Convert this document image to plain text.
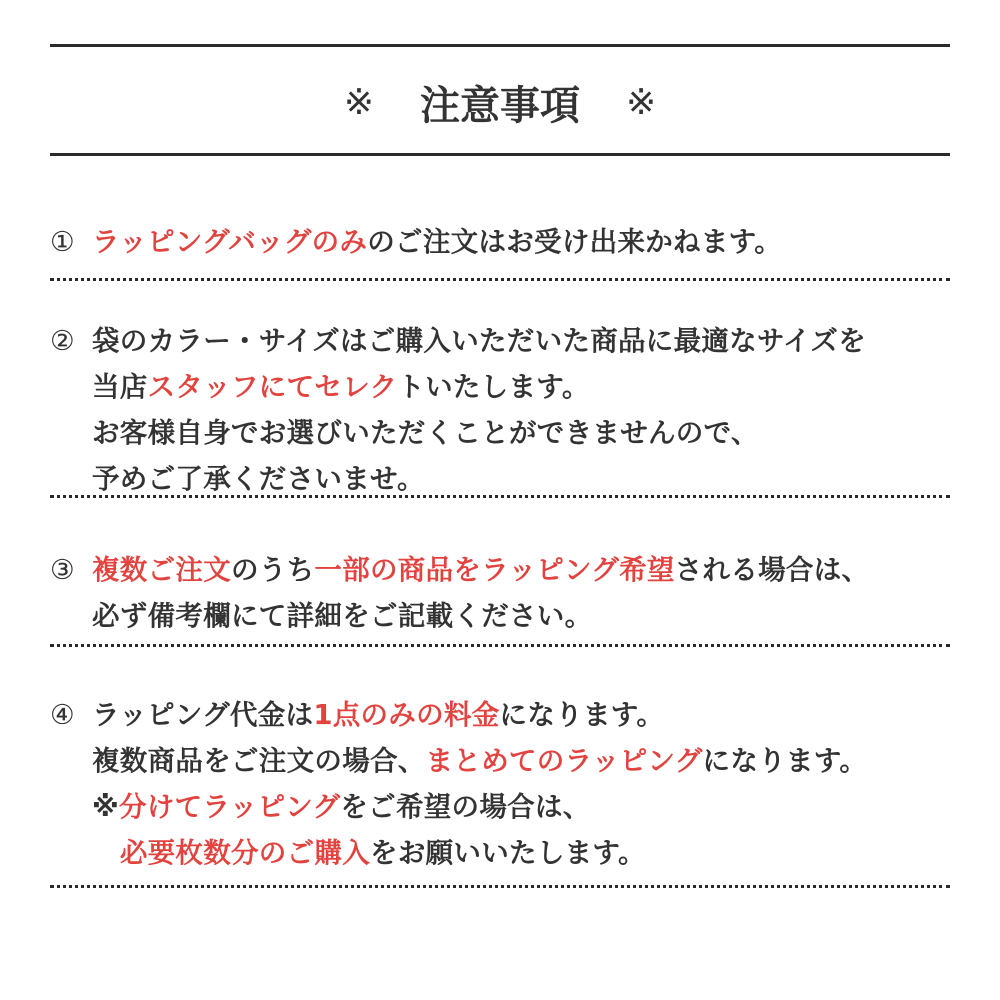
※ 注意事項 ※
① ラッピングバッグのみのご注文はお受け出来かねます。
② 袋のカラー・サイズはご購入いただいた商品に最適なサイズを
当店スタッフにてセレクトいたします。
お客様自身でお選びいただくことができませんので、
予めご了承くださいませ。
③ 複数ご注文のうち一部の商品をラッピング希望される場合は、
必ず備考欄にて詳細をご記載ください。
④ ラッピング代金は1点のみの料金になります。
複数商品をご注文の場合、まとめてのラッピングになります。
※分けてラッピングをご希望の場合は、
　必要枚数分のご購入をお願いいたします。
